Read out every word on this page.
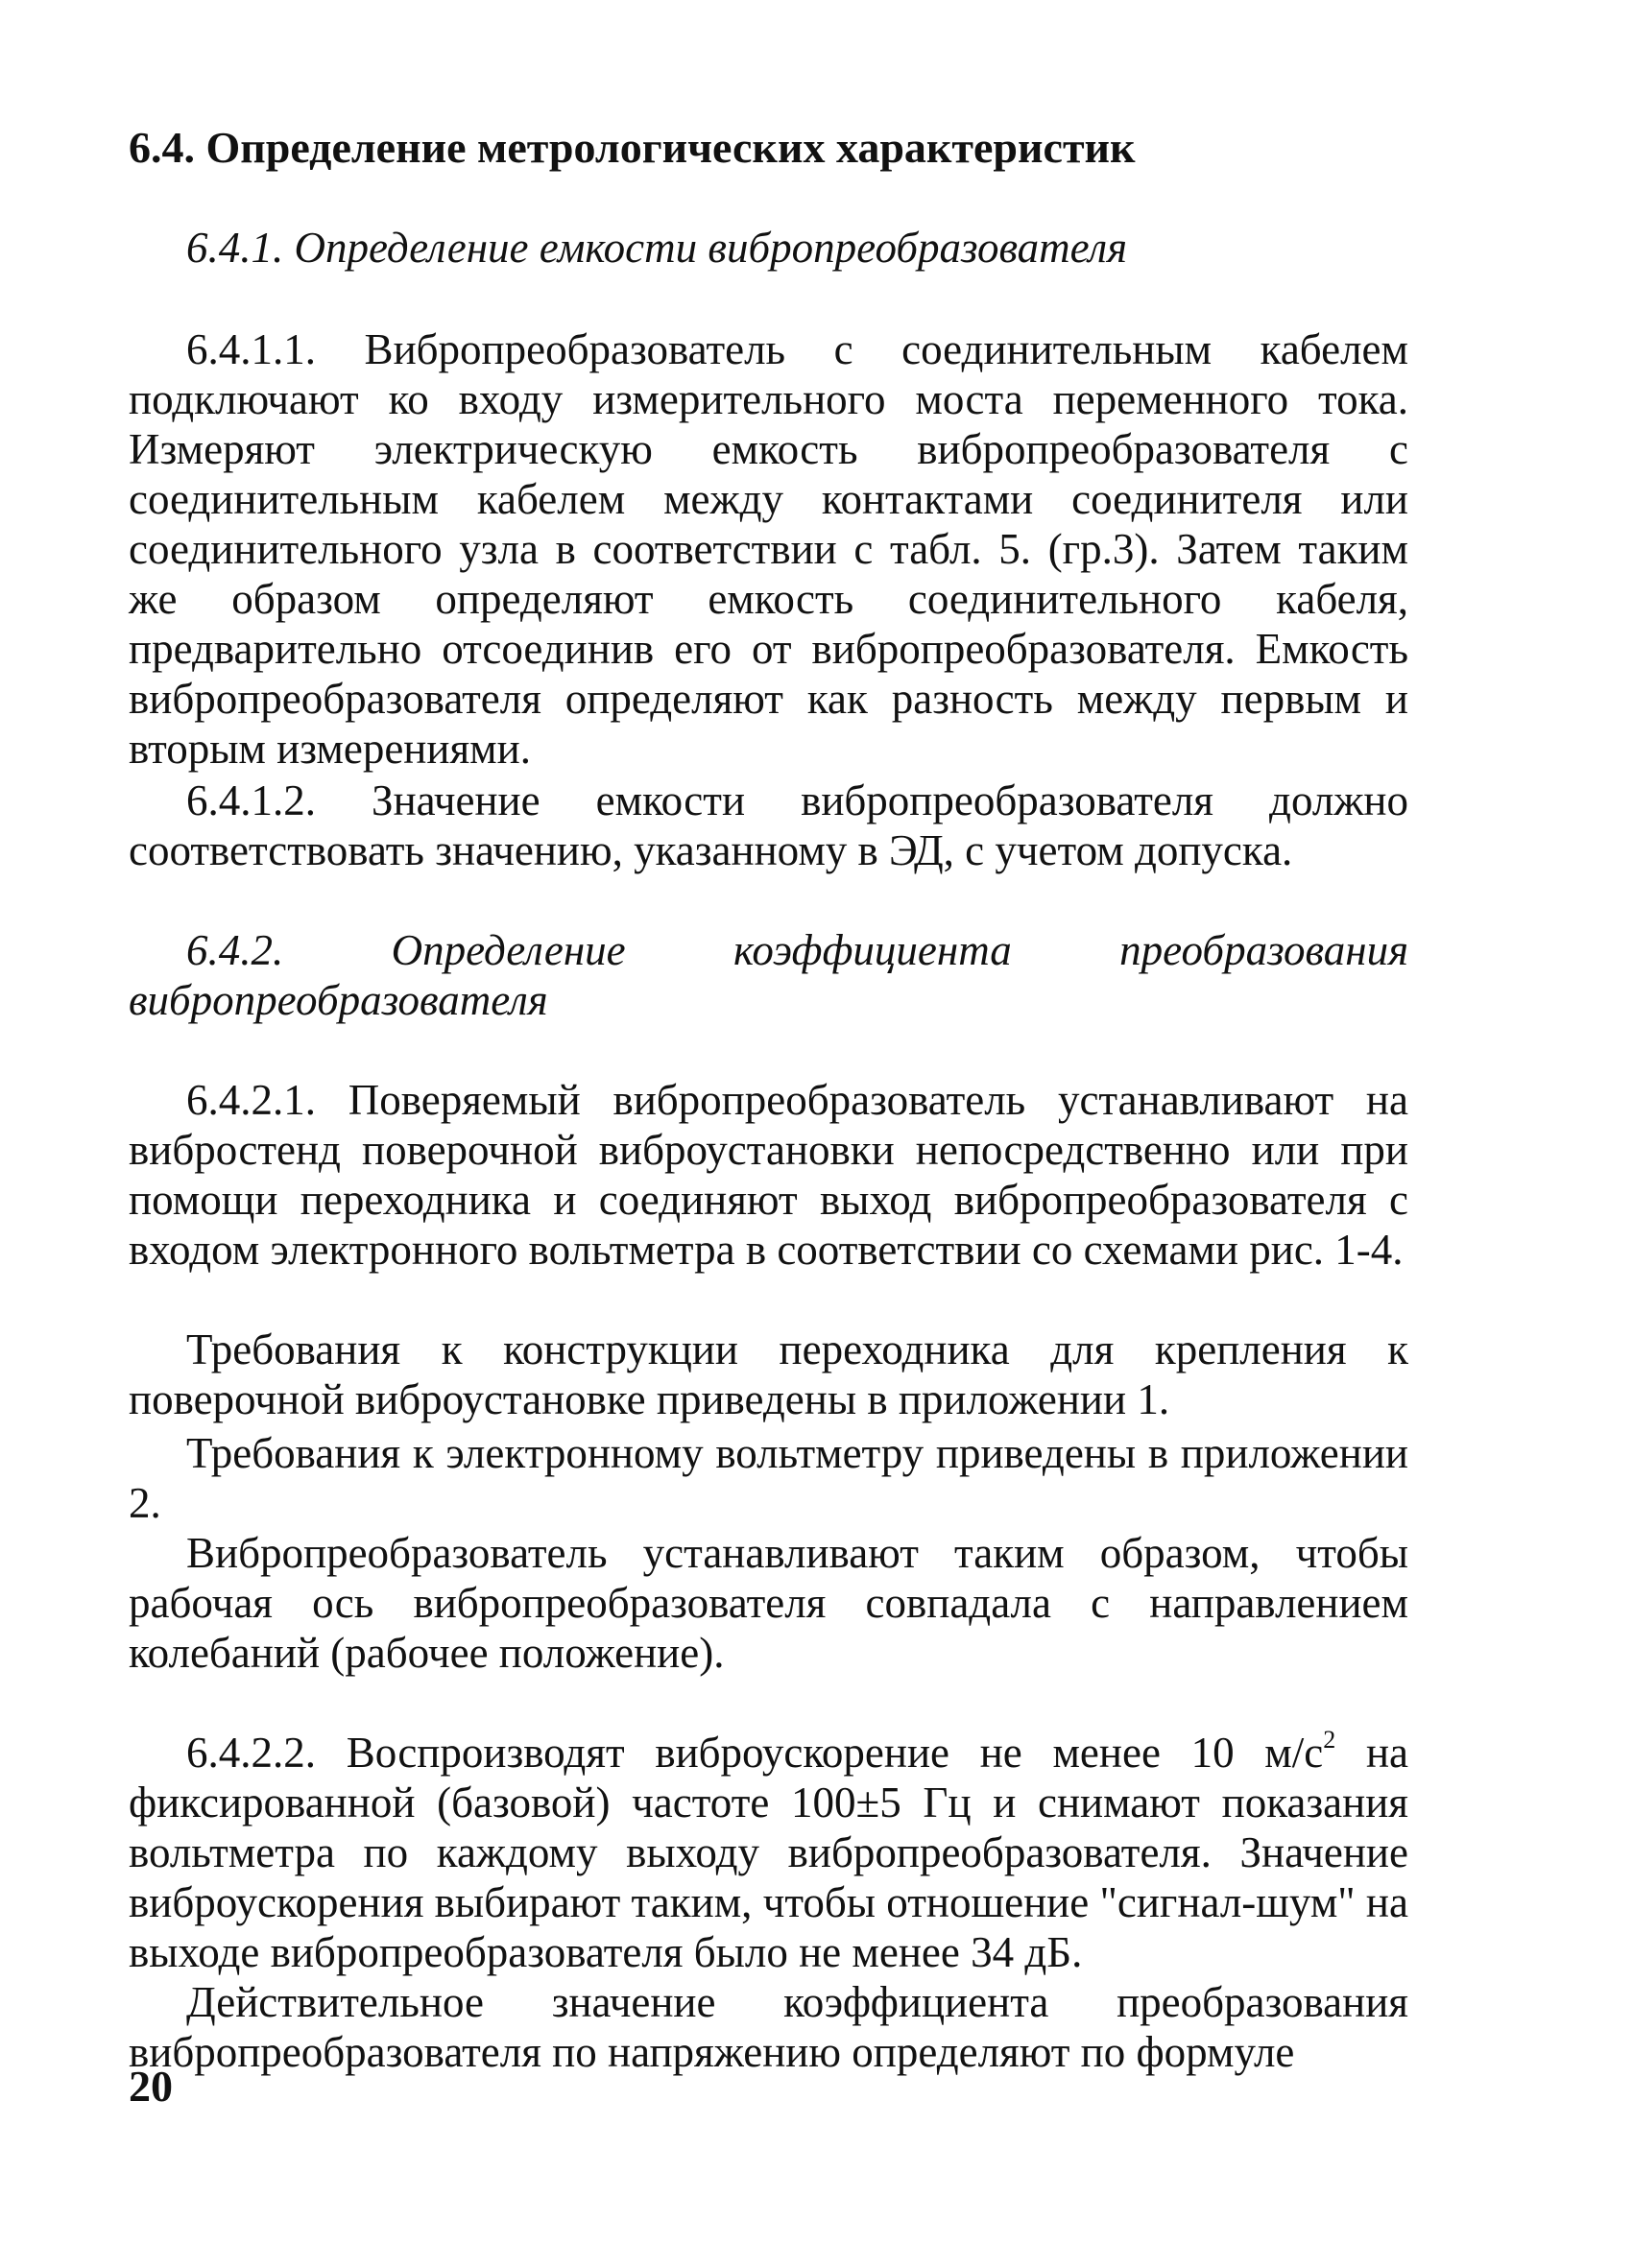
6.4. Определение метрологических характеристик
6.4.1. Определение емкости вибропреобразователя

6.4.1.1. Вибропреобразователь с соединительным кабелем подключают ко входу измерительного моста переменного тока. Измеряют электрическую емкость вибропреобразователя с соединительным кабелем между контактами соединителя или соединительного узла в соответствии с табл. 5. (гр.3). Затем таким же образом определяют емкость соединительного кабеля, предварительно отсоединив его от вибропреобразователя. Емкость вибропреобразователя определяют как разность между первым и вторым измерениями.

6.4.1.2. Значение емкости вибропреобразователя должно соответствовать значению, указанному в ЭД, с учетом допуска.

6.4.2. Определение коэффициента преобразования вибропреобразователя

6.4.2.1. Поверяемый вибропреобразователь устанавливают на вибростенд поверочной виброустановки непосредственно или при помощи переходника и соединяют выход вибропреобразователя с входом электронного вольтметра в соответствии со схемами рис. 1-4.

Требования к конструкции переходника для крепления к поверочной виброустановке приведены в приложении 1.

Требования к электронному вольтметру приведены в приложении 2.

Вибропреобразователь устанавливают таким образом, чтобы рабочая ось вибропреобразователя совпадала с направлением колебаний (рабочее положение).

6.4.2.2. Воспроизводят виброускорение не менее 10 $м/с^2$ на фиксированной (базовой) частоте 100±5 Гц и снимают показания вольтметра по каждому выходу вибропреобразователя. Значение виброускорения выбирают таким, чтобы отношение "сигнал-шум" на выходе вибропреобразователя было не менее 34 дБ.

Действительное значение коэффициента преобразования вибропреобразователя по напряжению определяют по формуле

20
